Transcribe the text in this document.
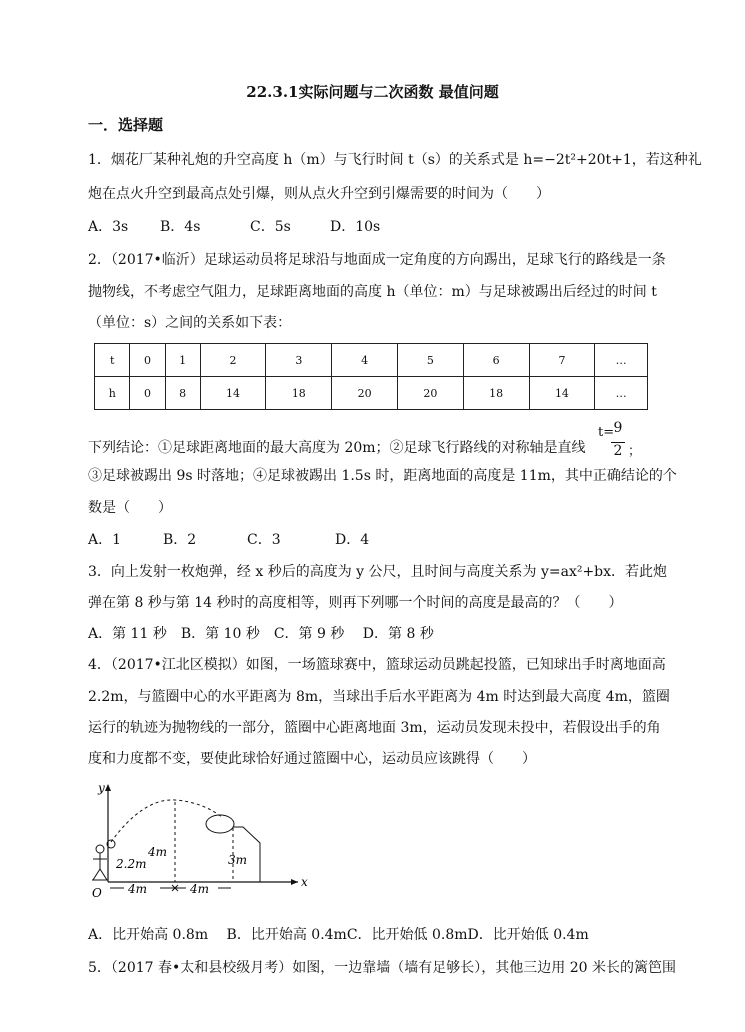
22.3.1实际问题与二次函数 最值问题
一．选择题
1．烟花厂某种礼炮的升空高度 h（m）与飞行时间 t（s）的关系式是 h=−2t²+20t+1，若这种礼
炮在点火升空到最高点处引爆，则从点火升空到引爆需要的时间为（　　）
A．3s B．4s	C．5s	D．10s
2．（2017•临沂）足球运动员将足球沿与地面成一定角度的方向踢出，足球飞行的路线是一条
抛物线，不考虑空气阻力，足球距离地面的高度 h（单位：m）与足球被踢出后经过的时间 t
（单位：s）之间的关系如下表：
t	0	1	2	3	4	5	6	7	…
h	0	8	14	18	20	20	18	14	…
下列结论：①足球距离地面的最大高度为 20m；②足球飞行路线的对称轴是直线
t= 9
2 ；
③足球被踢出 9s 时落地；④足球被踢出 1.5s 时，距离地面的高度是 11m，其中正确结论的个
数是（　　）
A．1	B．2	C．3	D．4
3．向上发射一枚炮弹，经 x 秒后的高度为 y 公尺，且时间与高度关系为 y=ax²+bx．若此炮
弹在第 8 秒与第 14 秒时的高度相等，则再下列哪一个时间的高度是最高的？（　　）
A．第 11 秒　B．第 10 秒　C．第 9 秒　 D．第 8 秒
4．（2017•江北区模拟）如图，一场篮球赛中，篮球运动员跳起投篮，已知球出手时离地面高
2.2m，与篮圈中心的水平距离为 8m，当球出手后水平距离为 4m 时达到最大高度 4m，篮圈
运行的轨迹为抛物线的一部分，篮圈中心距离地面 3m，运动员发现未投中，若假设出手的角
度和力度都不变，要使此球恰好通过篮圈中心，运动员应该跳得（　　）
y
x
O
2.2m
4m
3m
4m	4m
A．比开始高 0.8m　 B．比开始高 0.4mC．比开始低 0.8mD．比开始低 0.4m
5．（2017 春•太和县校级月考）如图，一边靠墙（墙有足够长），其他三边用 20 米长的篱笆围
